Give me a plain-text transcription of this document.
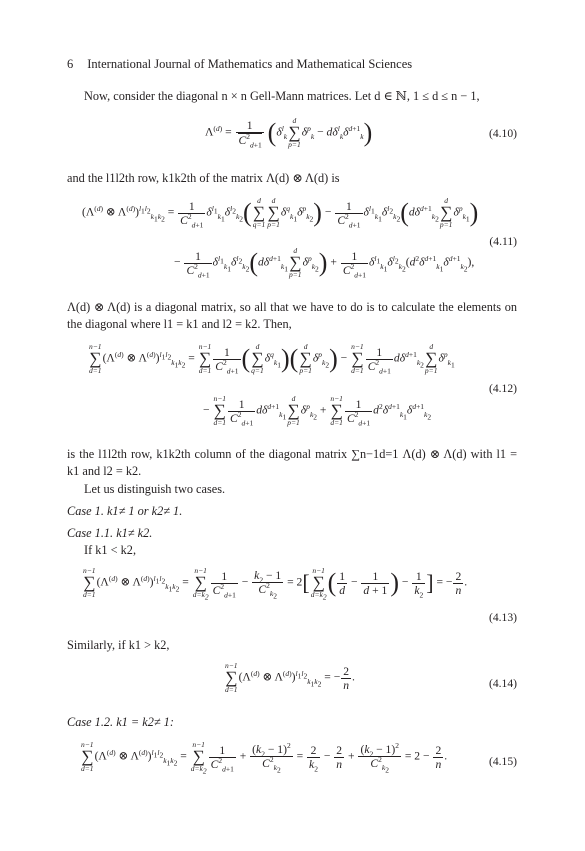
6 International Journal of Mathematics and Mathematical Sciences
Now, consider the diagonal n × n Gell-Mann matrices. Let d ∈ ℕ, 1 ≤ d ≤ n − 1,
$\Lambda^{(d)} = \frac{1}{C^2_{d+1}} (\delta^l_k$
d
∑
p=1
$\delta^p_k - d\delta^l_k\delta^{d+1}_k$)	(4.10)
and the l1l2th row, k1k2th of the matrix Λ(d) ⊗ Λ(d) is
($\Lambda^{(d)}$ ⊗ $\Lambda^{(d)})^{l_1l_2}_{k_1k_2} = \frac{1}{C^2_{d+1}} \delta^{l_1}_{k_1}\delta^{l_2}_{k_2}$( d
∑
q=1
d
∑
p=1
$\delta^q_{k_1}\delta^p_{k_2}) - \frac{1}{C^2_{d+1}} \delta^{l_1}_{k_1}\delta^{l_2}_{k_2}(d\delta^{d+1}_{k_2}$
d
∑
p=1
$\delta^p_{k_1}$)
(4.11)
− $\frac{1}{C^2_{d+1}} \delta^{l_1}_{k_1}\delta^{l_2}_{k_2}(d\delta^{d+1}_{k_1}$
d
∑
p=1
$\delta^p_{k_2}) + \frac{1}{C^2_{d+1}} \delta^{l_1}_{k_1}\delta^{l_2}_{k_2}(d^2\delta^{d+1}_{k_1}\delta^{d+1}_{k_2})$,
Λ(d) ⊗ Λ(d) is a diagonal matrix, so all that we have to do is to calculate the elements on the diagonal where l1 = k1 and l2 = k2. Then,
n−1
∑
d=1
($\Lambda^{(d)}$ ⊗ $\Lambda^{(d)})^{l_1l_2}_{k_1k_2}$ =
n−1
∑
$d=1 \frac{1}{C^2_{d+1}}$ ( d
∑
q=1
$\delta^q_{k_1}$)( d
∑
p=1
$\delta^p_{k_2}$) −
n−1
∑
$d=1 \frac{1}{C^2_{d+1}} d\delta^{d+1}_{k_2}$
d
∑
p=1
$\delta^p_{k_1}$
(4.12)
−
n−1
∑
$d=1 \frac{1}{C^2_{d+1}} d\delta^{d+1}_{k_1}$
d
∑
p=1
$\delta^p_{k_2}$ +
n−1
∑
$d=1 \frac{1}{C^2_{d+1}} d^2\delta^{d+1}_{k_1}\delta^{d+1}_{k_2}$
is the l1l2th row, k1k2th column of the diagonal matrix ∑n−1d=1 Λ(d) ⊗ Λ(d) with l1 = k1 and l2 = k2.
Let us distinguish two cases.
Case 1. k1≠ 1 or k2≠ 1.
Case 1.1. k1≠ k2.
If k1 < k2,
n−1
∑
d=1
($\Lambda^{(d)}$ ⊗ $\Lambda^{(d)})^{l_1l_2}_{k_1k_2}$ =
n−1
∑
$d=k_2$
$\frac{1}{C^2_{d+1}} - \frac{k_2 - 1}{C^2_{k_2}} = 2$[ n−1
∑
$d=k_2$ ( $\frac{1}{d} - \frac{1}{d + 1}$ ) − $\frac{1}{k_2}$ ] = − $\frac{2}{n}$ .
(4.13)
Similarly, if k1 > k2,
n−1
∑
d=1
($\Lambda^{(d)}$ ⊗ $\Lambda^{(d)})^{l_1l_2}_{k_1k_2}$ = − $\frac{2}{n}$ .	(4.14)
Case 1.2. k1 = k2≠ 1:
n−1
∑
d=1
($\Lambda^{(d)}$ ⊗ $\Lambda^{(d)})^{l_1l_2}_{k_1k_2}$ =
n−1
∑
$d=k_2$
$\frac{1}{C^2_{d+1}} + \frac{(k_2 - 1)^2}{C^2_{k_2}} = \frac{2}{k_2} - \frac{2}{n} + \frac{(k_2 - 1)^2}{C^2_{k_2}} = 2 - \frac{2}{n}$ .	(4.15)
